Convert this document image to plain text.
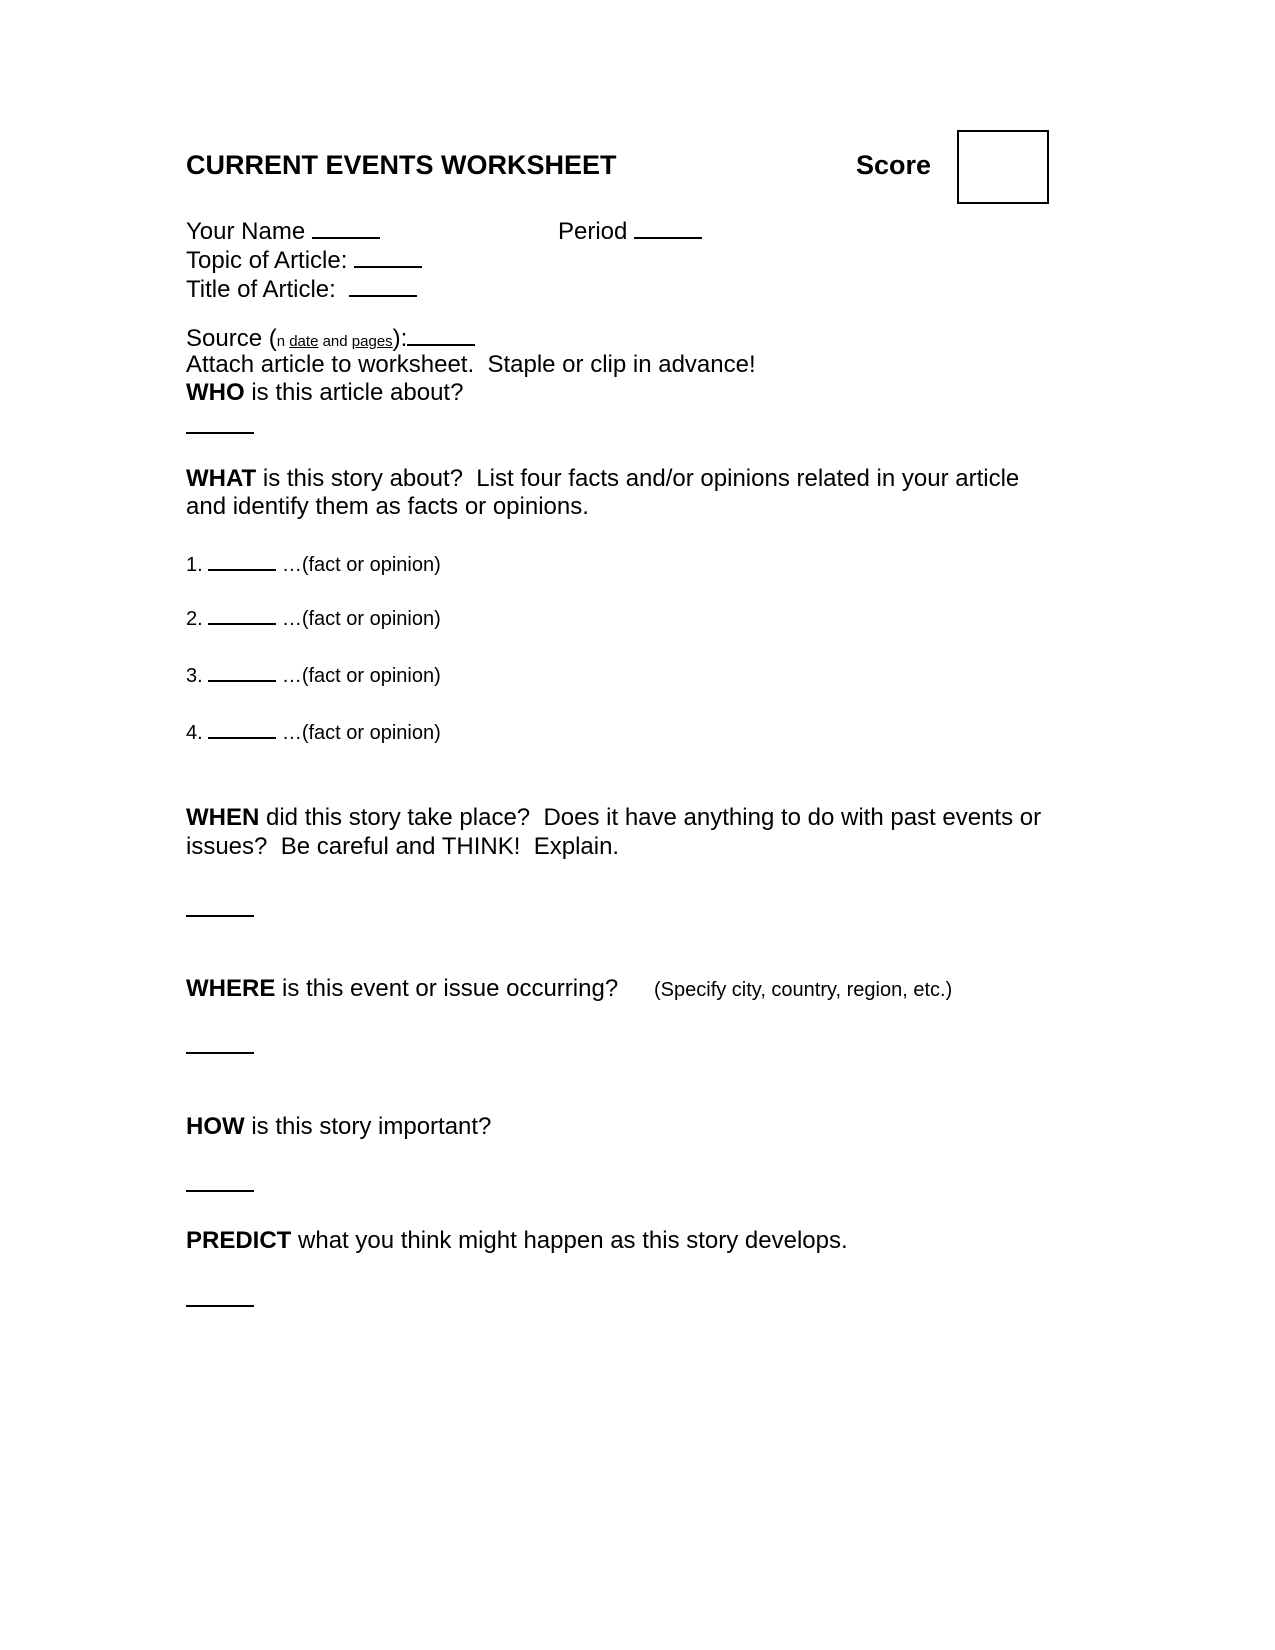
CURRENT EVENTS WORKSHEET	Score
Your Name	Period
Topic of Article:
Title of Article:
Source (n date and pages):
Attach article to worksheet.  Staple or clip in advance!
WHO is this article about?
WHAT is this story about?  List four facts and/or opinions related in your article
and identify them as facts or opinions.
1.	…(fact or opinion)
2.	…(fact or opinion)
3.	…(fact or opinion)
4.	…(fact or opinion)
WHEN did this story take place?  Does it have anything to do with past events or
issues?  Be careful and THINK!  Explain.
WHERE is this event or issue occurring? (Specify city, country, region, etc.)
HOW is this story important?
PREDICT what you think might happen as this story develops.
